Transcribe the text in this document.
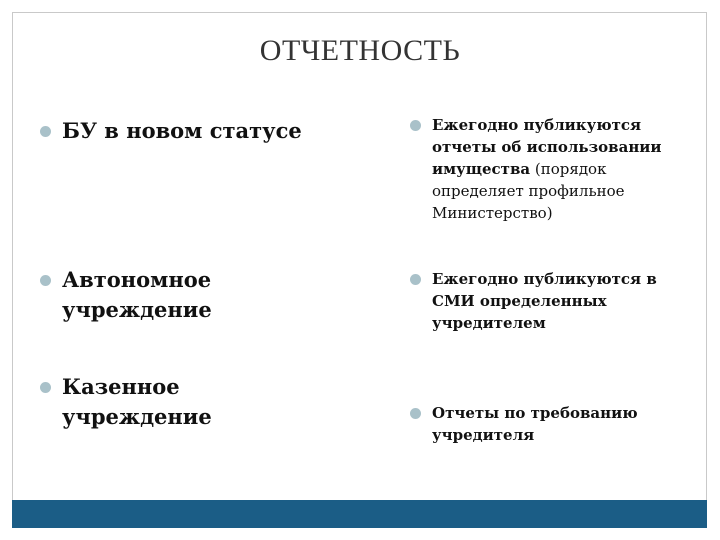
ОТЧЕТНОСТЬ
БУ в новом статусе
Автономное учреждение
Казенное учреждение
Ежегодно публикуются отчеты об использовании имущества (порядок определяет профильное Министерство)
Ежегодно публикуются в СМИ определенных учредителем
Отчеты по требованию учредителя
